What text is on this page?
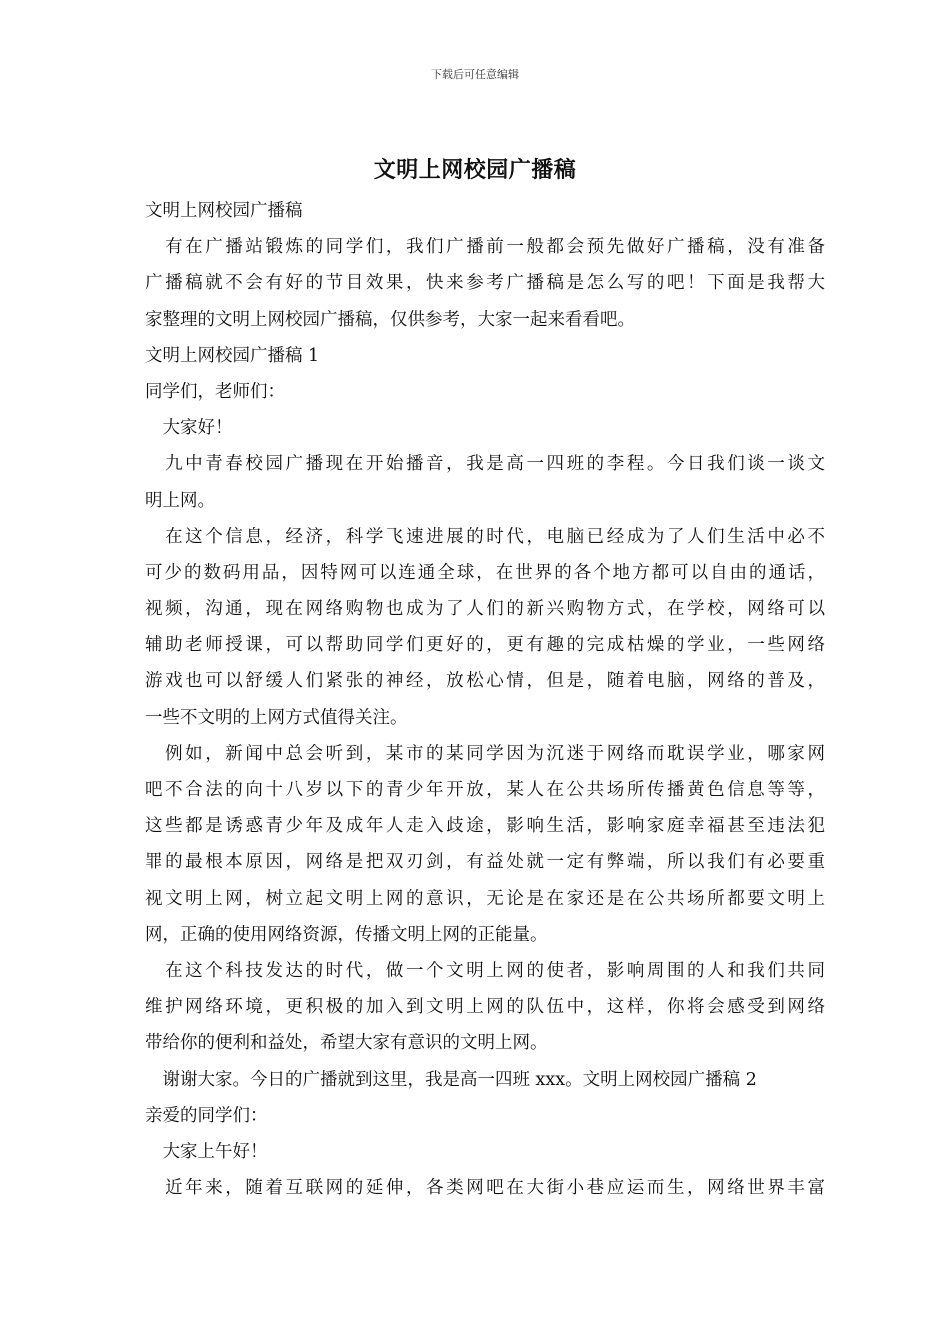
下载后可任意编辑
文明上网校园广播稿
文明上网校园广播稿
　有在广播站锻炼的同学们，我们广播前一般都会预先做好广播稿，没有准备
广播稿就不会有好的节目效果，快来参考广播稿是怎么写的吧！下面是我帮大
家整理的文明上网校园广播稿，仅供参考，大家一起来看看吧。
文明上网校园广播稿 1
同学们，老师们：
　大家好！
　九中青春校园广播现在开始播音，我是高一四班的李程。今日我们谈一谈文
明上网。
　在这个信息，经济，科学飞速进展的时代，电脑已经成为了人们生活中必不
可少的数码用品，因特网可以连通全球，在世界的各个地方都可以自由的通话，
视频，沟通，现在网络购物也成为了人们的新兴购物方式，在学校，网络可以
辅助老师授课，可以帮助同学们更好的，更有趣的完成枯燥的学业，一些网络
游戏也可以舒缓人们紧张的神经，放松心情，但是，随着电脑，网络的普及，
一些不文明的上网方式值得关注。
　例如，新闻中总会听到，某市的某同学因为沉迷于网络而耽误学业，哪家网
吧不合法的向十八岁以下的青少年开放，某人在公共场所传播黄色信息等等，
这些都是诱惑青少年及成年人走入歧途，影响生活，影响家庭幸福甚至违法犯
罪的最根本原因，网络是把双刃剑，有益处就一定有弊端，所以我们有必要重
视文明上网，树立起文明上网的意识，无论是在家还是在公共场所都要文明上
网，正确的使用网络资源，传播文明上网的正能量。
　在这个科技发达的时代，做一个文明上网的使者，影响周围的人和我们共同
维护网络环境，更积极的加入到文明上网的队伍中，这样，你将会感受到网络
带给你的便利和益处，希望大家有意识的文明上网。
　谢谢大家。今日的广播就到这里，我是高一四班 xxx。文明上网校园广播稿 2
亲爱的同学们：
　大家上午好！
　近年来，随着互联网的延伸，各类网吧在大街小巷应运而生，网络世界丰富
